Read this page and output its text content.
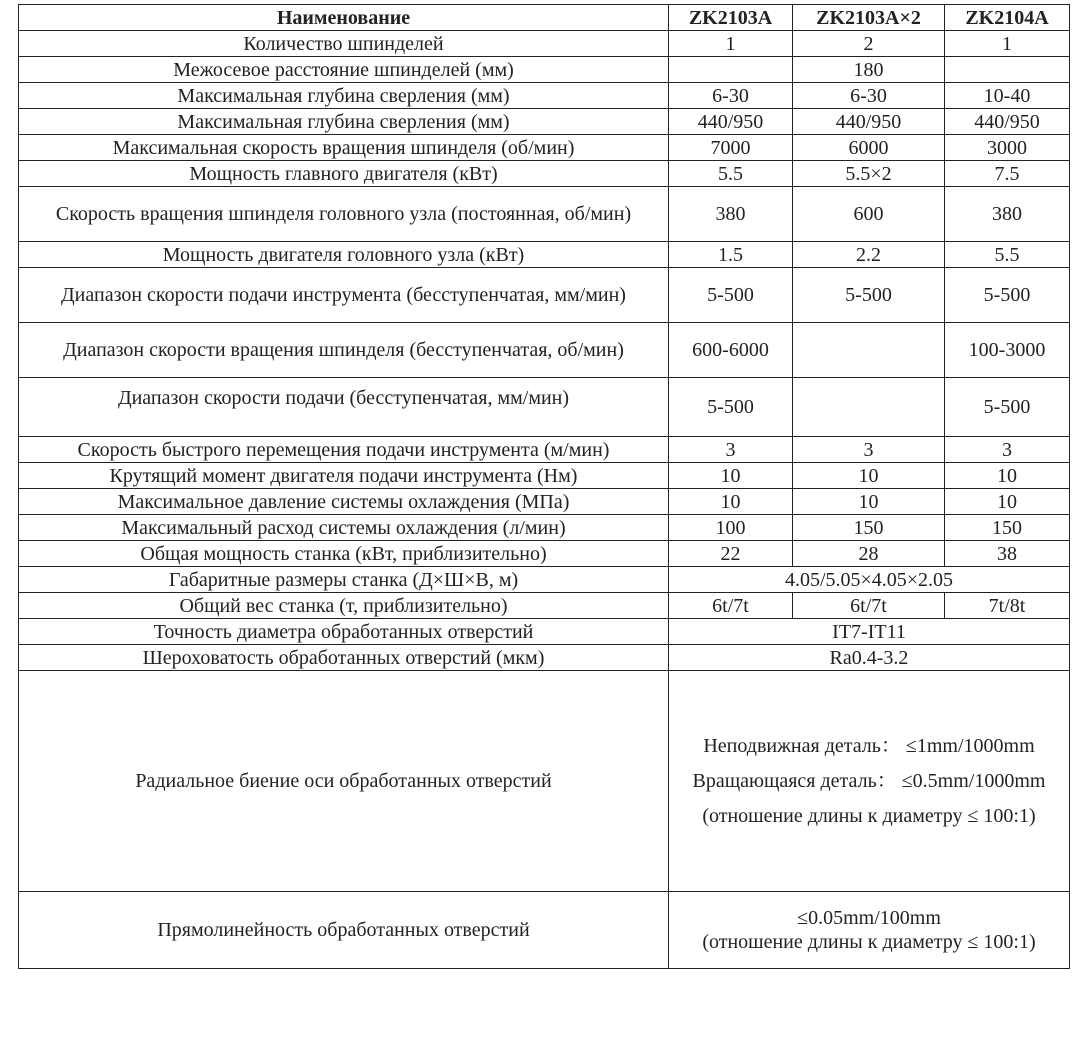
Наименование	ZK2103A	ZK2103A×2	ZK2104A
Количество шпинделей	1	2	1
Межосевое расстояние шпинделей (мм)		180	
Максимальная глубина сверления (мм)	6-30	6-30	10-40
Максимальная глубина сверления (мм)	440/950	440/950	440/950
Максимальная скорость вращения шпинделя (об/мин)	7000	6000	3000
Мощность главного двигателя (кВт)	5.5	5.5×2	7.5
Скорость вращения шпинделя головного узла (постоянная, об/мин)	380	600	380
Мощность двигателя головного узла (кВт)	1.5	2.2	5.5
Диапазон скорости подачи инструмента (бесступенчатая, мм/мин)	5-500	5-500	5-500
Диапазон скорости вращения шпинделя (бесступенчатая, об/мин)	600-6000		100-3000

Диапазон скорости подачи (бесступенчатая, мм/мин)	5-500		5-500
Скорость быстрого перемещения подачи инструмента (м/мин)	3	3	3
Крутящий момент двигателя подачи инструмента (Нм)	10	10	10
Максимальное давление системы охлаждения (МПа)	10	10	10
Максимальный расход системы охлаждения (л/мин)	100	150	150
Общая мощность станка (кВт, приблизительно)	22	28	38
Габаритные размеры станка (Д×Ш×В, м)	4.05/5.05×4.05×2.05		
Общий вес станка (т, приблизительно)	6t/7t	6t/7t	7t/8t
Точность диаметра обработанных отверстий	IT7-IT11		
Шероховатость обработанных отверстий (мкм)	Ra0.4-3.2		
Радиальное биение оси обработанных отверстий	Неподвижная деталь： ≤1mm/1000mm
Вращающаяся деталь： ≤0.5mm/1000mm
(отношение длины к диаметру ≤ 100:1)		
Прямолинейность обработанных отверстий	≤0.05mm/100mm
(отношение длины к диаметру ≤ 100:1)		
